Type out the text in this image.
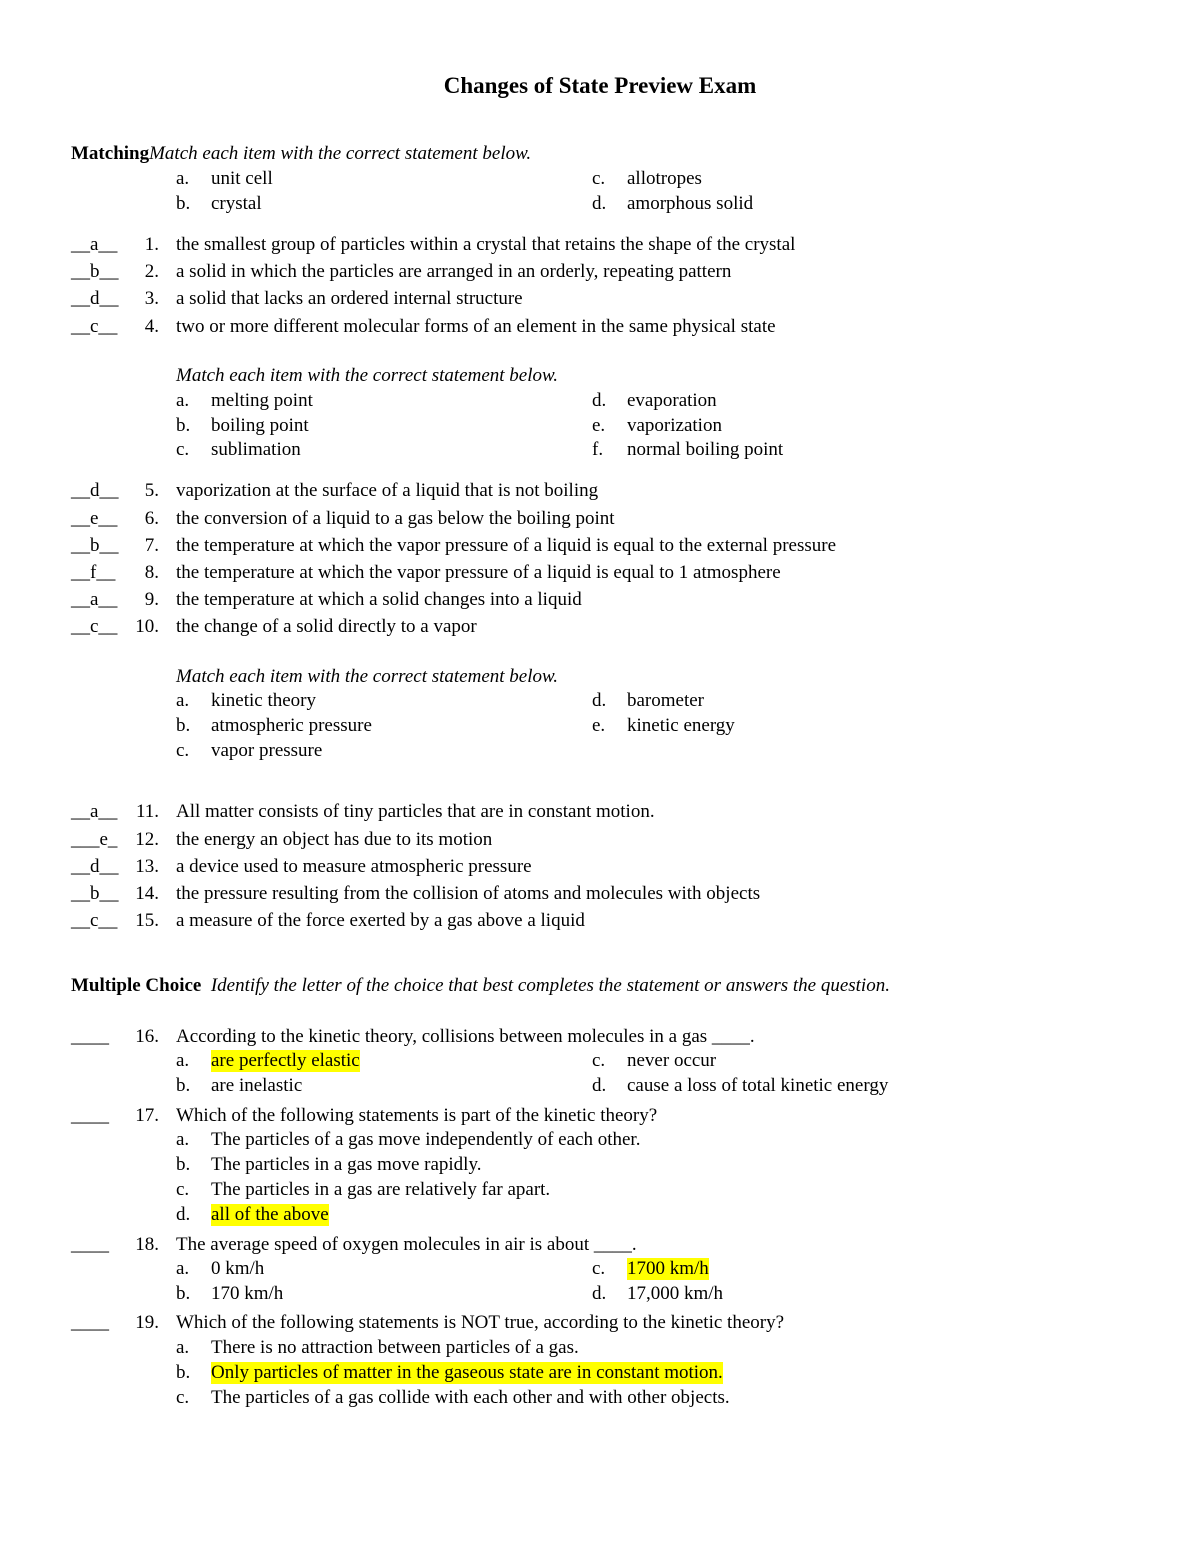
Changes of State Preview Exam
MatchingMatch each item with the correct statement below.
a. unit cell	c. allotropes
b. crystal	d. amorphous solid
__a__ 1. the smallest group of particles within a crystal that retains the shape of the crystal
__b__ 2. a solid in which the particles are arranged in an orderly, repeating pattern
__d__ 3. a solid that lacks an ordered internal structure
__c__ 4. two or more different molecular forms of an element in the same physical state
Match each item with the correct statement below.
a. melting point	d. evaporation
b. boiling point	e. vaporization
c. sublimation	f. normal boiling point
__d__ 5. vaporization at the surface of a liquid that is not boiling
__e__ 6. the conversion of a liquid to a gas below the boiling point
__b__ 7. the temperature at which the vapor pressure of a liquid is equal to the external pressure
__f__ 8. the temperature at which the vapor pressure of a liquid is equal to 1 atmosphere
__a__ 9. the temperature at which a solid changes into a liquid
__c__ 10. the change of a solid directly to a vapor
Match each item with the correct statement below.
a. kinetic theory	d. barometer
b. atmospheric pressure	e. kinetic energy
c. vapor pressure
__a__ 11. All matter consists of tiny particles that are in constant motion.
___e_ 12. the energy an object has due to its motion
__d__ 13. a device used to measure atmospheric pressure
__b__ 14. the pressure resulting from the collision of atoms and molecules with objects
__c__ 15. a measure of the force exerted by a gas above a liquid
Multiple Choice Identify the letter of the choice that best completes the statement or answers the question.
____ 16. According to the kinetic theory, collisions between molecules in a gas ____.
a. are perfectly elastic	c. never occur
b. are inelastic	d. cause a loss of total kinetic energy
____ 17. Which of the following statements is part of the kinetic theory?
a. The particles of a gas move independently of each other.
b. The particles in a gas move rapidly.
c. The particles in a gas are relatively far apart.
d. all of the above
____ 18. The average speed of oxygen molecules in air is about ____.
a. 0 km/h	c. 1700 km/h
b. 170 km/h	d. 17,000 km/h
____ 19. Which of the following statements is NOT true, according to the kinetic theory?
a. There is no attraction between particles of a gas.
b. Only particles of matter in the gaseous state are in constant motion.
c. The particles of a gas collide with each other and with other objects.
